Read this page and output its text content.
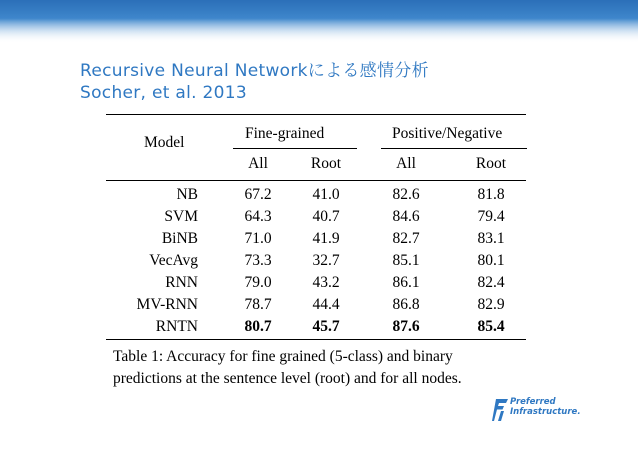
Recursive Neural Networkによる感情分析
Socher, et al. 2013
Model
Fine-grained	Positive/Negative
All	Root	All	Root
NB	67.2	41.0	82.6	81.8
SVM	64.3	40.7	84.6	79.4
BiNB	71.0	41.9	82.7	83.1
VecAvg	73.3	32.7	85.1	80.1
RNN	79.0	43.2	86.1	82.4
MV-RNN	78.7	44.4	86.8	82.9
RNTN	80.7	45.7	87.6	85.4
Table 1: Accuracy for fine grained (5-class) and binary
predictions at the sentence level (root) and for all nodes.
Preferred
Infrastructure.
